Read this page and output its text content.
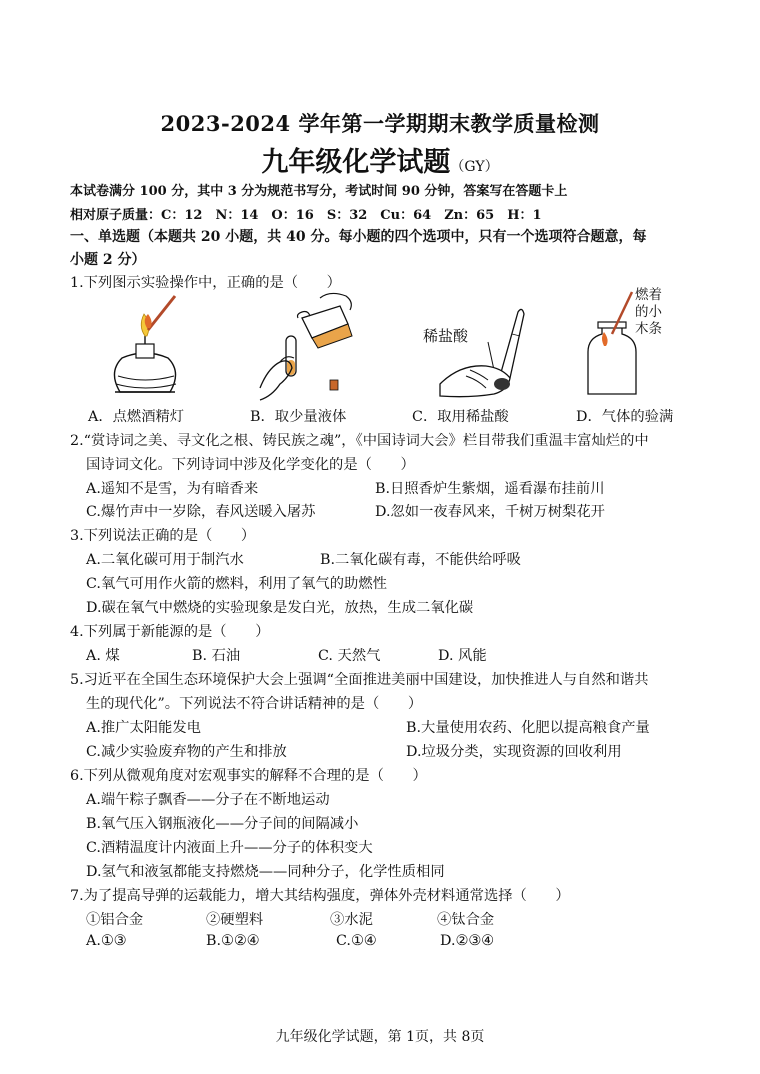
2023-2024 学年第一学期期末教学质量检测
九年级化学试题（GY）
本试卷满分 100 分，其中 3 分为规范书写分，考试时间 90 分钟，答案写在答题卡上
相对原子质量：C：12　N：14　O：16　S：32　Cu：64　Zn：65　H：1
一、单选题（本题共 20 小题，共 40 分。每小题的四个选项中，只有一个选项符合题意，每
小题 2 分）
1.下列图示实验操作中，正确的是（　　）
稀盐酸
燃着
的小
木条
A．点燃酒精灯	B．取少量液体	C．取用稀盐酸	D．气体的验满
2.“赏诗词之美、寻文化之根、铸民族之魂”，《中国诗词大会》栏目带我们重温丰富灿烂的中
国诗词文化。下列诗词中涉及化学变化的是（　　）
A.遥知不是雪，为有暗香来	B.日照香炉生紫烟，遥看瀑布挂前川
C.爆竹声中一岁除，春风送暖入屠苏	D.忽如一夜春风来，千树万树梨花开
3.下列说法正确的是（　　）
A.二氧化碳可用于制汽水	B.二氧化碳有毒，不能供给呼吸
C.氧气可用作火箭的燃料，利用了氧气的助燃性
D.碳在氧气中燃烧的实验现象是发白光，放热，生成二氧化碳
4.下列属于新能源的是（　　）
A. 煤	B. 石油	C. 天然气	D. 风能
5.习近平在全国生态环境保护大会上强调“全面推进美丽中国建设，加快推进人与自然和谐共
生的现代化”。下列说法不符合讲话精神的是（　　）
A.推广太阳能发电	B.大量使用农药、化肥以提高粮食产量
C.减少实验废弃物的产生和排放	D.垃圾分类，实现资源的回收利用
6.下列从微观角度对宏观事实的解释不合理的是（　　）
A.端午粽子飘香——分子在不断地运动
B.氧气压入钢瓶液化——分子间的间隔减小
C.酒精温度计内液面上升——分子的体积变大
D.氢气和液氢都能支持燃烧——同种分子，化学性质相同
7.为了提高导弹的运载能力，增大其结构强度，弹体外壳材料通常选择（　　）
①铝合金	②硬塑料	③水泥	④钛合金
A.①③	B.①②④	C.①④	D.②③④
九年级化学试题，第 1页，共 8页
